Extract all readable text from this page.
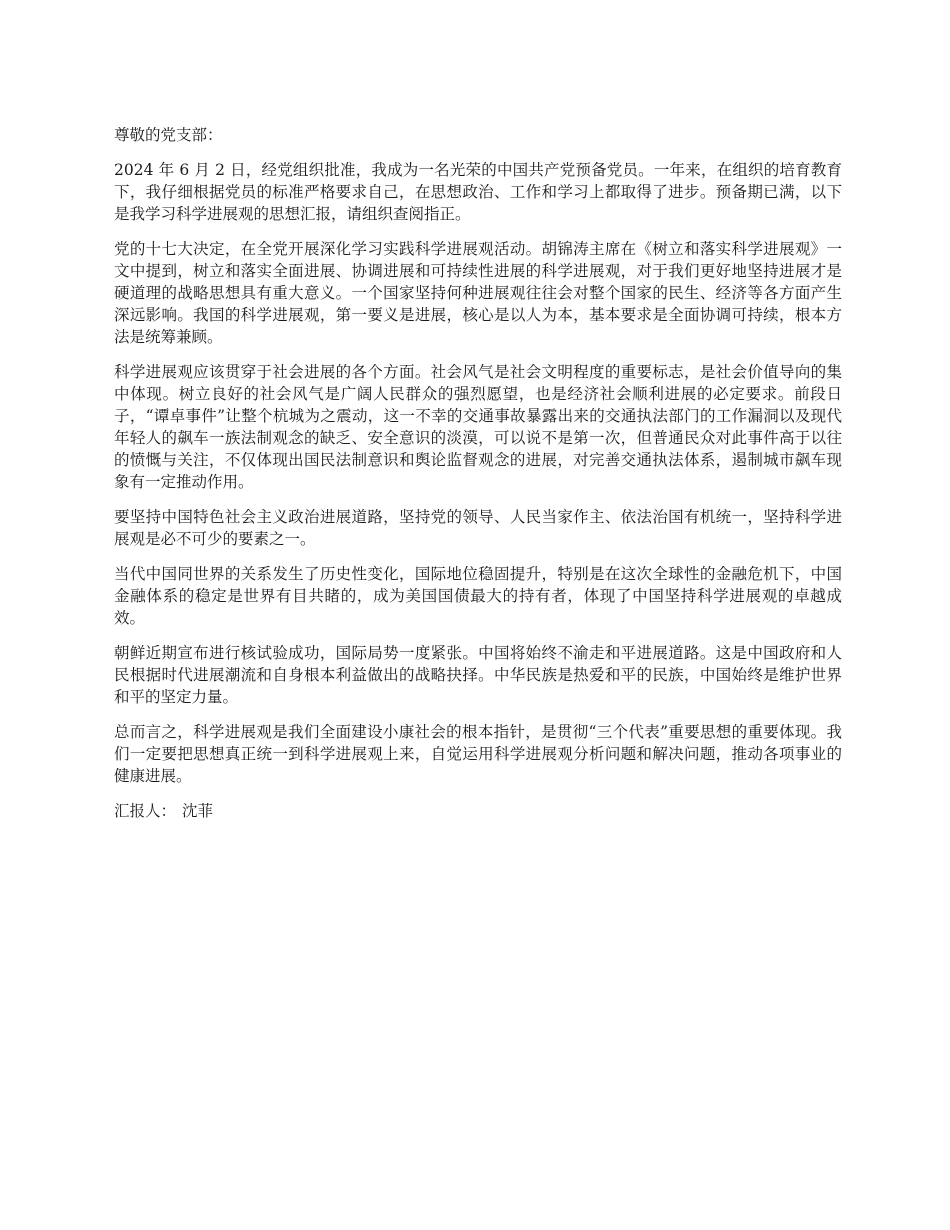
尊敬的党支部：

2024 年 6 月 2 日，经党组织批准，我成为一名光荣的中国共产党预备党员。一年来，在组织的培育教育下，我仔细根据党员的标准严格要求自己，在思想政治、工作和学习上都取得了进步。预备期已满，以下是我学习科学进展观的思想汇报，请组织查阅指正。

党的十七大决定，在全党开展深化学习实践科学进展观活动。胡锦涛主席在《树立和落实科学进展观》一文中提到，树立和落实全面进展、协调进展和可持续性进展的科学进展观，对于我们更好地坚持进展才是硬道理的战略思想具有重大意义。一个国家坚持何种进展观往往会对整个国家的民生、经济等各方面产生深远影响。我国的科学进展观，第一要义是进展，核心是以人为本，基本要求是全面协调可持续，根本方法是统筹兼顾。

科学进展观应该贯穿于社会进展的各个方面。社会风气是社会文明程度的重要标志，是社会价值导向的集中体现。树立良好的社会风气是广阔人民群众的强烈愿望，也是经济社会顺利进展的必定要求。前段日子，“谭卓事件”让整个杭城为之震动，这一不幸的交通事故暴露出来的交通执法部门的工作漏洞以及现代年轻人的飙车一族法制观念的缺乏、安全意识的淡漠，可以说不是第一次，但普通民众对此事件高于以往的愤慨与关注，不仅体现出国民法制意识和舆论监督观念的进展，对完善交通执法体系，遏制城市飙车现象有一定推动作用。

要坚持中国特色社会主义政治进展道路，坚持党的领导、人民当家作主、依法治国有机统一，坚持科学进展观是必不可少的要素之一。

当代中国同世界的关系发生了历史性变化，国际地位稳固提升，特别是在这次全球性的金融危机下，中国金融体系的稳定是世界有目共睹的，成为美国国债最大的持有者，体现了中国坚持科学进展观的卓越成效。

朝鲜近期宣布进行核试验成功，国际局势一度紧张。中国将始终不渝走和平进展道路。这是中国政府和人民根据时代进展潮流和自身根本利益做出的战略抉择。中华民族是热爱和平的民族，中国始终是维护世界和平的坚定力量。

总而言之，科学进展观是我们全面建设小康社会的根本指针，是贯彻“三个代表”重要思想的重要体现。我们一定要把思想真正统一到科学进展观上来，自觉运用科学进展观分析问题和解决问题，推动各项事业的健康进展。

汇报人： 沈菲
